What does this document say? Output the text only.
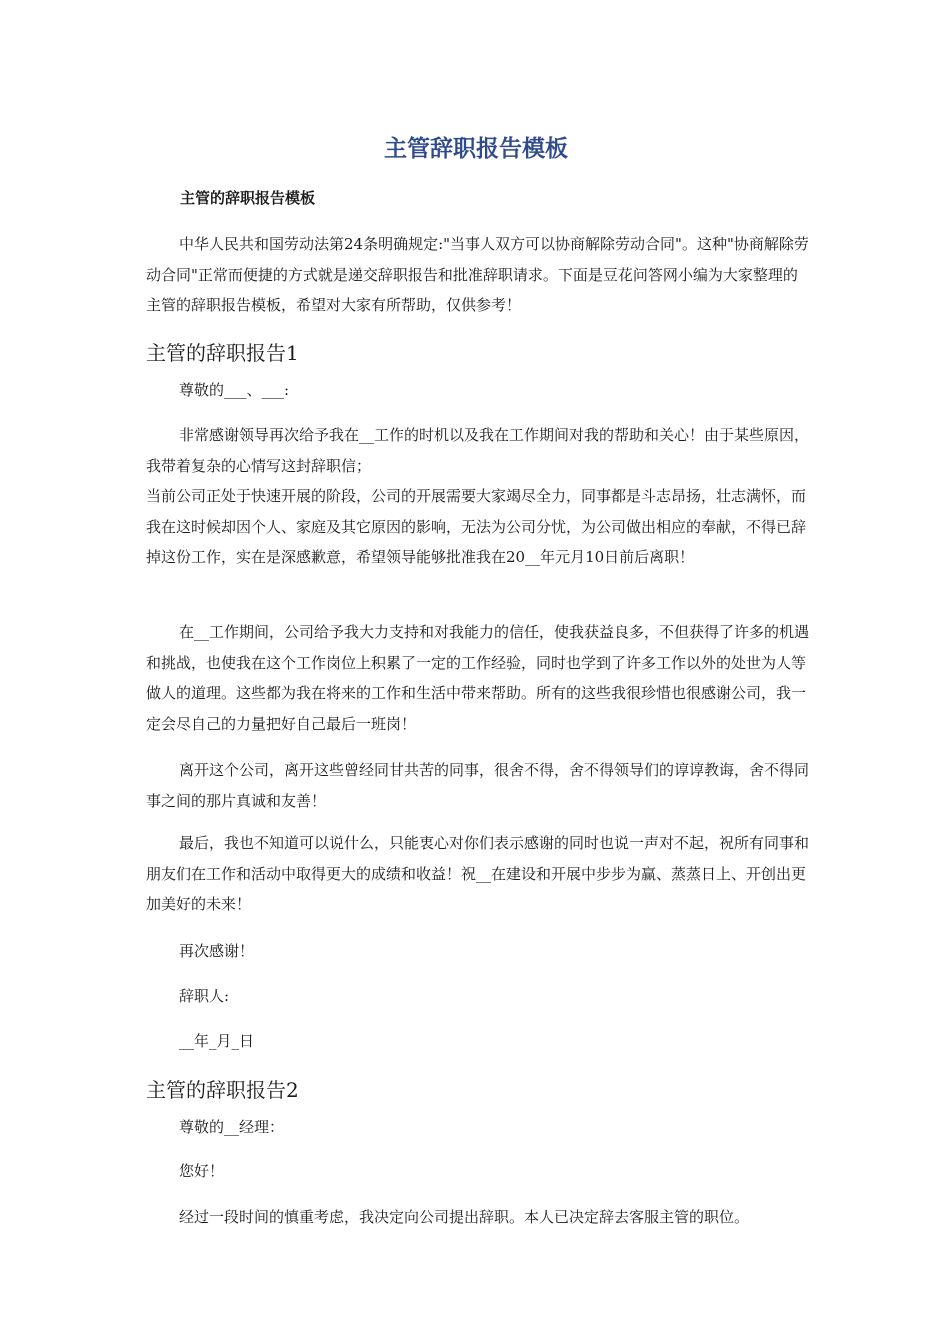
主管辞职报告模板
主管的辞职报告模板

中华人民共和国劳动法第24条明确规定:"当事人双方可以协商解除劳动合同"。这种"协商解除劳动合同"正常而便捷的方式就是递交辞职报告和批准辞职请求。下面是豆花问答网小编为大家整理的主管的辞职报告模板，希望对大家有所帮助，仅供参考！

主管的辞职报告1

尊敬的___、___:

非常感谢领导再次给予我在__工作的时机以及我在工作期间对我的帮助和关心！由于某些原因，我带着复杂的心情写这封辞职信；

当前公司正处于快速开展的阶段，公司的开展需要大家竭尽全力，同事都是斗志昂扬，壮志满怀，而我在这时候却因个人、家庭及其它原因的影响，无法为公司分忧，为公司做出相应的奉献，不得已辞掉这份工作，实在是深感歉意，希望领导能够批准我在20__年元月10日前后离职！

在__工作期间，公司给予我大力支持和对我能力的信任，使我获益良多，不但获得了许多的机遇和挑战，也使我在这个工作岗位上积累了一定的工作经验，同时也学到了许多工作以外的处世为人等做人的道理。这些都为我在将来的工作和生活中带来帮助。所有的这些我很珍惜也很感谢公司，我一定会尽自己的力量把好自己最后一班岗！

离开这个公司，离开这些曾经同甘共苦的同事，很舍不得，舍不得领导们的谆谆教诲，舍不得同事之间的那片真诚和友善！

最后，我也不知道可以说什么，只能衷心对你们表示感谢的同时也说一声对不起，祝所有同事和朋友们在工作和活动中取得更大的成绩和收益！祝__在建设和开展中步步为赢、蒸蒸日上、开创出更加美好的未来！

再次感谢！

辞职人:

__年_月_日

主管的辞职报告2

尊敬的__经理：

您好！

经过一段时间的慎重考虑，我决定向公司提出辞职。本人已决定辞去客服主管的职位。
